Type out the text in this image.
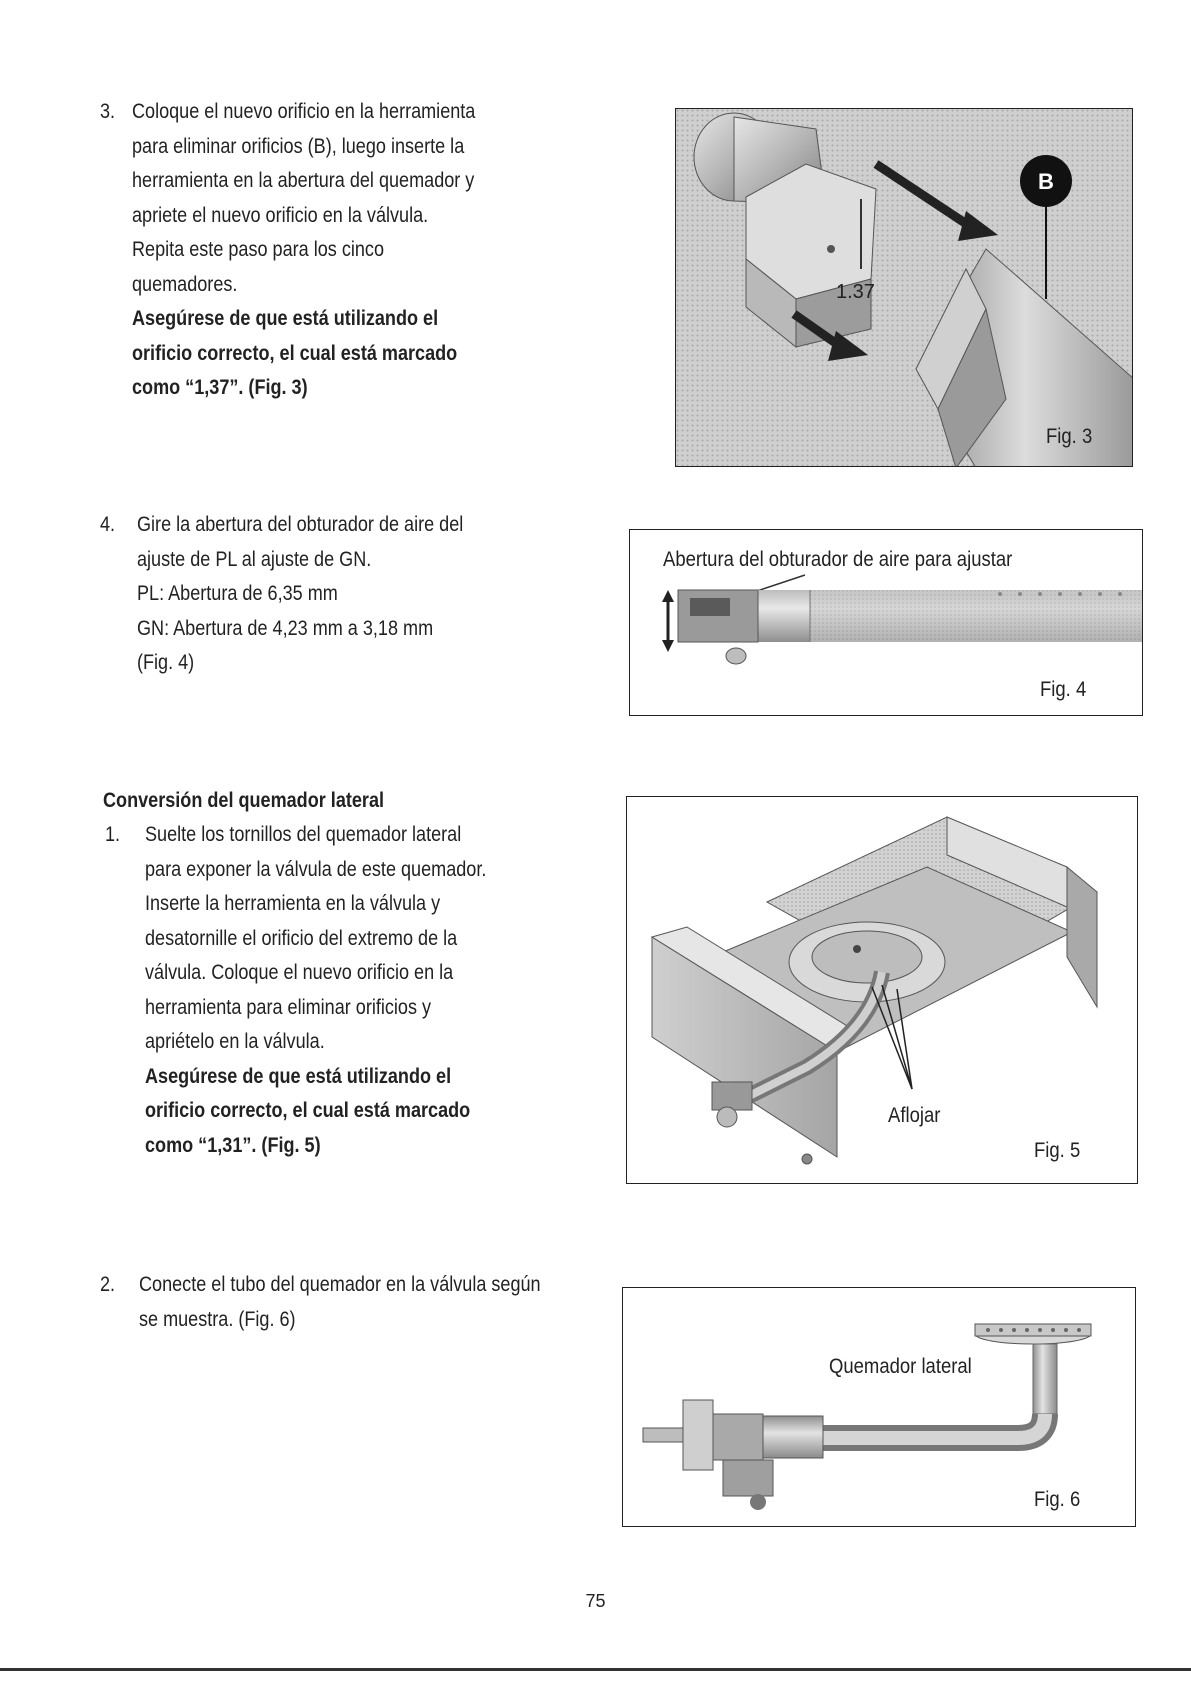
3. Coloque el nuevo orificio en la herramienta
para eliminar orificios (B), luego inserte la
herramienta en la abertura del quemador y
apriete el nuevo orificio en la válvula.
Repita este paso para los cinco
quemadores.
Asegúrese de que está utilizando el
orificio correcto, el cual está marcado
como “1,37”. (Fig. 3)
1.37
B
Fig. 3
4. Gire la abertura del obturador de aire del
ajuste de PL al ajuste de GN.
PL: Abertura de 6,35 mm
GN: Abertura de 4,23 mm a 3,18 mm
(Fig. 4)
Abertura del obturador de aire para ajustar
Fig. 4
Conversión del quemador lateral
1. Suelte los tornillos del quemador lateral
para exponer la válvula de este quemador.
Inserte la herramienta en la válvula y
desatornille el orificio del extremo de la
válvula. Coloque el nuevo orificio en la
herramienta para eliminar orificios y
apriételo en la válvula.
Asegúrese de que está utilizando el
orificio correcto, el cual está marcado
como “1,31”. (Fig. 5)
Aflojar
Fig. 5
2. Conecte el tubo del quemador en la válvula según
se muestra. (Fig. 6)
Quemador lateral
Fig. 6
75
